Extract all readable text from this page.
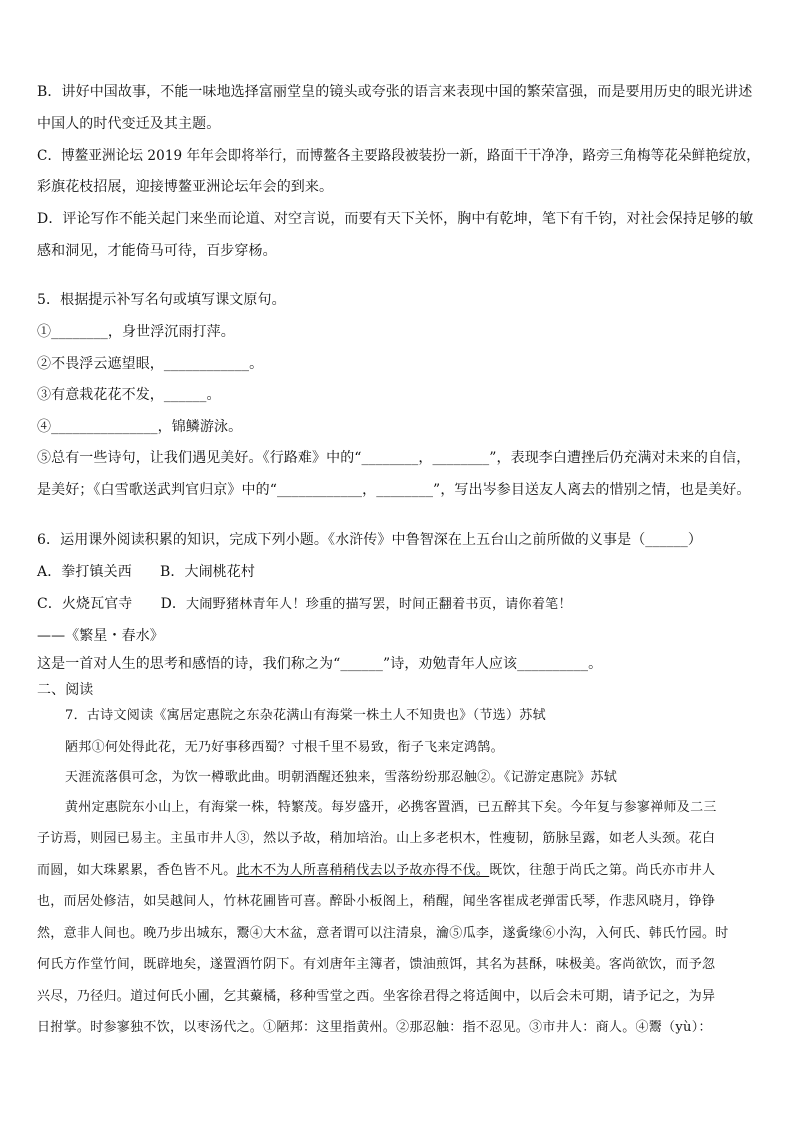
B．讲好中国故事，不能一味地选择富丽堂皇的镜头或夸张的语言来表现中国的繁荣富强，而是要用历史的眼光讲述
中国人的时代变迁及其主题。
C．博鳌亚洲论坛 2019 年年会即将举行，而博鳌各主要路段被装扮一新，路面干干净净，路旁三角梅等花朵鲜艳绽放，
彩旗花枝招展，迎接博鳌亚洲论坛年会的到来。
D．评论写作不能关起门来坐而论道、对空言说，而要有天下关怀，胸中有乾坤，笔下有千钧，对社会保持足够的敏
感和洞见，才能倚马可待，百步穿杨。
5．根据提示补写名句或填写课文原句。
①________，身世浮沉雨打萍。
②不畏浮云遮望眼，____________。
③有意栽花花不发，______。
④_______________，锦鳞游泳。
⑤总有一些诗句，让我们遇见美好。《行路难》中的“________，________”，表现李白遭挫后仍充满对未来的自信，
是美好；《白雪歌送武判官归京》中的“____________，________”，写出岑参目送友人离去的惜别之情，也是美好。
6．运用课外阅读积累的知识，完成下列小题。《水浒传》中鲁智深在上五台山之前所做的义事是（______）
A．拳打镇关西　　B．大闹桃花村
C．火烧瓦官寺　　D．大闹野猪林青年人！珍重的描写罢，时间正翻着书页，请你着笔！
——《繁星・春水》
这是一首对人生的思考和感悟的诗，我们称之为“______”诗，劝勉青年人应该__________。
二、阅读
7．古诗文阅读《寓居定惠院之东杂花满山有海棠一株土人不知贵也》（节选）苏轼
陋邦①何处得此花，无乃好事移西蜀？寸根千里不易致，衔子飞来定鸿鹄。
天涯流落俱可念，为饮一樽歌此曲。明朝酒醒还独来，雪落纷纷那忍触②。《记游定惠院》苏轼
黄州定惠院东小山上，有海棠一株，特繁茂。每岁盛开，必携客置酒，已五醉其下矣。今年复与参寥禅师及二三
子访焉，则园已易主。主虽市井人③，然以予故，稍加培治。山上多老枳木，性瘦韧，筋脉呈露，如老人头颈。花白
而圆，如大珠累累，香色皆不凡。此木不为人所喜稍稍伐去以予故亦得不伐。既饮，往憩于尚氏之第。尚氏亦市井人
也，而居处修洁，如吴越间人，竹林花圃皆可喜。醉卧小板阁上，稍醒，闻坐客崔成老弹雷氏琴，作悲风晓月，铮铮
然，意非人间也。晚乃步出城东，鬻④大木盆，意者谓可以注清泉，瀹⑤瓜李，遂夤缘⑥小沟，入何氏、韩氏竹园。时
何氏方作堂竹间，既辟地矣，遂置酒竹阴下。有刘唐年主簿者，馈油煎饵，其名为甚酥，味极美。客尚欲饮，而予忽
兴尽，乃径归。道过何氏小圃，乞其藂橘，移种雪堂之西。坐客徐君得之将适闽中，以后会未可期，请予记之，为异
日拊掌。时参寥独不饮，以枣汤代之。①陋邦：这里指黄州。②那忍触：指不忍见。③市井人：商人。④鬻（yù）：
